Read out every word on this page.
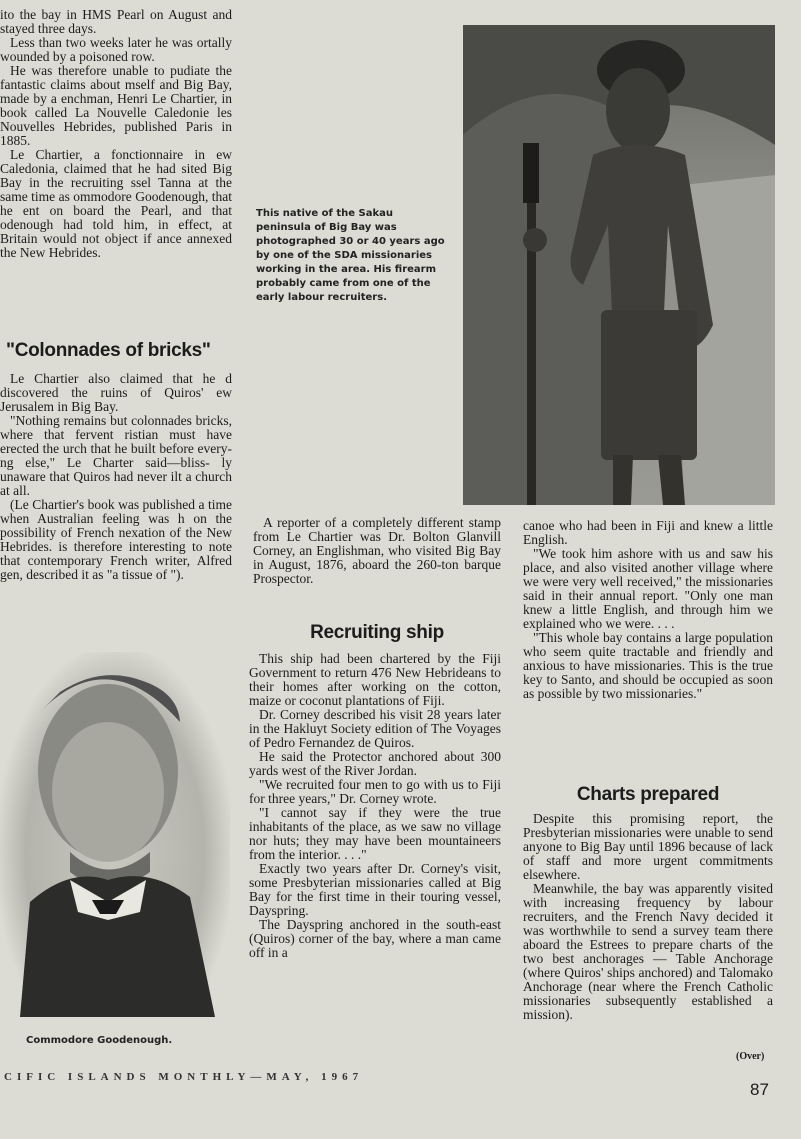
ito the bay in HMS Pearl on August and stayed three days.

Less than two weeks later he was ortally wounded by a poisoned row.

He was therefore unable to pudiate the fantastic claims about mself and Big Bay, made by a enchman, Henri Le Chartier, in book called La Nouvelle Caledonie les Nouvelles Hebrides, published Paris in 1885.

Le Chartier, a fonctionnaire in ew Caledonia, claimed that he had sited Big Bay in the recruiting ssel Tanna at the same time as ommodore Goodenough, that he ent on board the Pearl, and that odenough had told him, in effect, at Britain would not object if ance annexed the New Hebrides.

"Colonnades of bricks"

Le Chartier also claimed that he d discovered the ruins of Quiros' ew Jerusalem in Big Bay.

"Nothing remains but colonnades bricks, where that fervent ristian must have erected the urch that he built before every- ng else," Le Charter said—bliss- ly unaware that Quiros had never ilt a church at all.

(Le Chartier's book was published a time when Australian feeling was h on the possibility of French nexation of the New Hebrides. is therefore interesting to note that contemporary French writer, Alfred gen, described it as "a tissue of ").

This native of the Sakau peninsula of Big Bay was photographed 30 or 40 years ago by one of the SDA missionaries working in the area. His firearm probably came from one of the early labour recruiters.
Commodore Goodenough.

A reporter of a completely different stamp from Le Chartier was Dr. Bolton Glanvill Corney, an Englishman, who visited Big Bay in August, 1876, aboard the 260-ton barque Prospector.

Recruiting ship

This ship had been chartered by the Fiji Government to return 476 New Hebrideans to their homes after working on the cotton, maize or coconut plantations of Fiji.

Dr. Corney described his visit 28 years later in the Hakluyt Society edition of The Voyages of Pedro Fernandez de Quiros.

He said the Protector anchored about 300 yards west of the River Jordan.

"We recruited four men to go with us to Fiji for three years," Dr. Corney wrote.

"I cannot say if they were the true inhabitants of the place, as we saw no village nor huts; they may have been mountaineers from the interior. . . ."

Exactly two years after Dr. Corney's visit, some Presbyterian missionaries called at Big Bay for the first time in their touring vessel, Dayspring.

The Dayspring anchored in the south-east (Quiros) corner of the bay, where a man came off in a

canoe who had been in Fiji and knew a little English.

"We took him ashore with us and saw his place, and also visited another village where we were very well received," the missionaries said in their annual report. "Only one man knew a little English, and through him we explained who we were. . . .

"This whole bay contains a large population who seem quite tractable and friendly and anxious to have missionaries. This is the true key to Santo, and should be occupied as soon as possible by two missionaries."

Charts prepared

Despite this promising report, the Presbyterian missionaries were unable to send anyone to Big Bay until 1896 because of lack of staff and more urgent commitments elsewhere.

Meanwhile, the bay was apparently visited with increasing frequency by labour recruiters, and the French Navy decided it was worthwhile to send a survey team there aboard the Estrees to prepare charts of the two best anchorages — Table Anchorage (where Quiros' ships anchored) and Talomako Anchorage (near where the French Catholic missionaries subsequently established a mission).

(Over)
CIFIC ISLANDS MONTHLY—MAY, 1967
87
